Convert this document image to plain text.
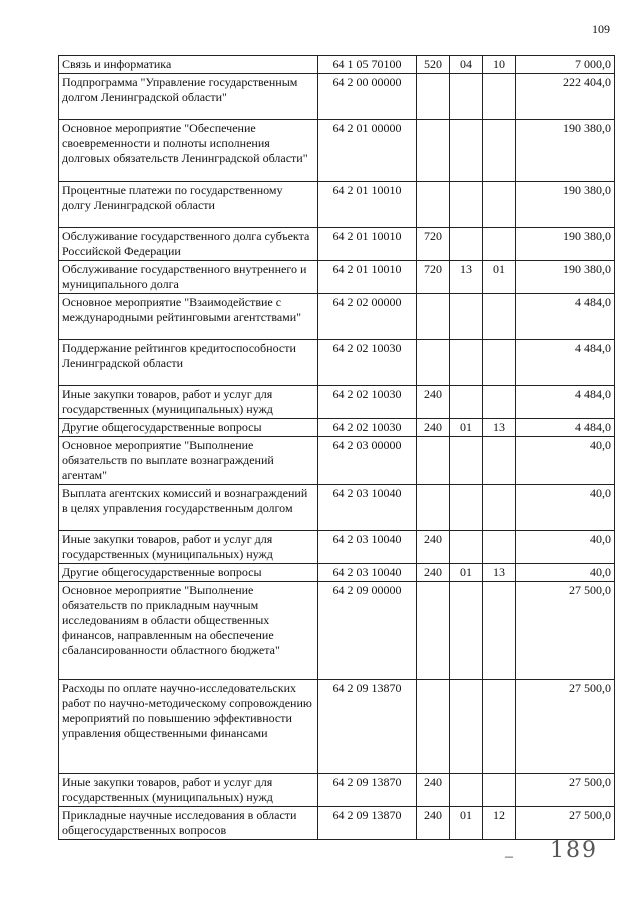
109
Связь и информатика	64 1 05 70100	520	04	10	7 000,0
Подпрограмма "Управление государственным долгом Ленинградской области"	64 2 00 00000				222 404,0
Основное мероприятие "Обеспечение своевременности и полноты исполнения долговых обязательств Ленинградской области"	64 2 01 00000				190 380,0
Процентные платежи по государственному долгу Ленинградской области	64 2 01 10010				190 380,0
Обслуживание государственного долга субъекта Российской Федерации	64 2 01 10010	720			190 380,0
Обслуживание государственного внутреннего и муниципального долга	64 2 01 10010	720	13	01	190 380,0
Основное мероприятие "Взаимодействие с международными рейтинговыми агентствами"	64 2 02 00000				4 484,0
Поддержание рейтингов кредитоспособности Ленинградской области	64 2 02 10030				4 484,0
Иные закупки товаров, работ и услуг для государственных (муниципальных) нужд	64 2 02 10030	240			4 484,0
Другие общегосударственные вопросы	64 2 02 10030	240	01	13	4 484,0
Основное мероприятие "Выполнение обязательств по выплате вознаграждений агентам"	64 2 03 00000				40,0
Выплата агентских комиссий и вознаграждений в целях управления государственным долгом	64 2 03 10040				40,0
Иные закупки товаров, работ и услуг для государственных (муниципальных) нужд	64 2 03 10040	240			40,0
Другие общегосударственные вопросы	64 2 03 10040	240	01	13	40,0
Основное мероприятие "Выполнение обязательств по прикладным научным исследованиям в области общественных финансов, направленным на обеспечение сбалансированности областного бюджета"	64 2 09 00000				27 500,0
Расходы по оплате научно-исследовательских работ по научно-методическому сопровождению мероприятий по повышению эффективности управления общественными финансами	64 2 09 13870				27 500,0
Иные закупки товаров, работ и услуг для государственных (муниципальных) нужд	64 2 09 13870	240			27 500,0
Прикладные научные исследования в области общегосударственных вопросов	64 2 09 13870	240	01	12	27 500,0
– 189
